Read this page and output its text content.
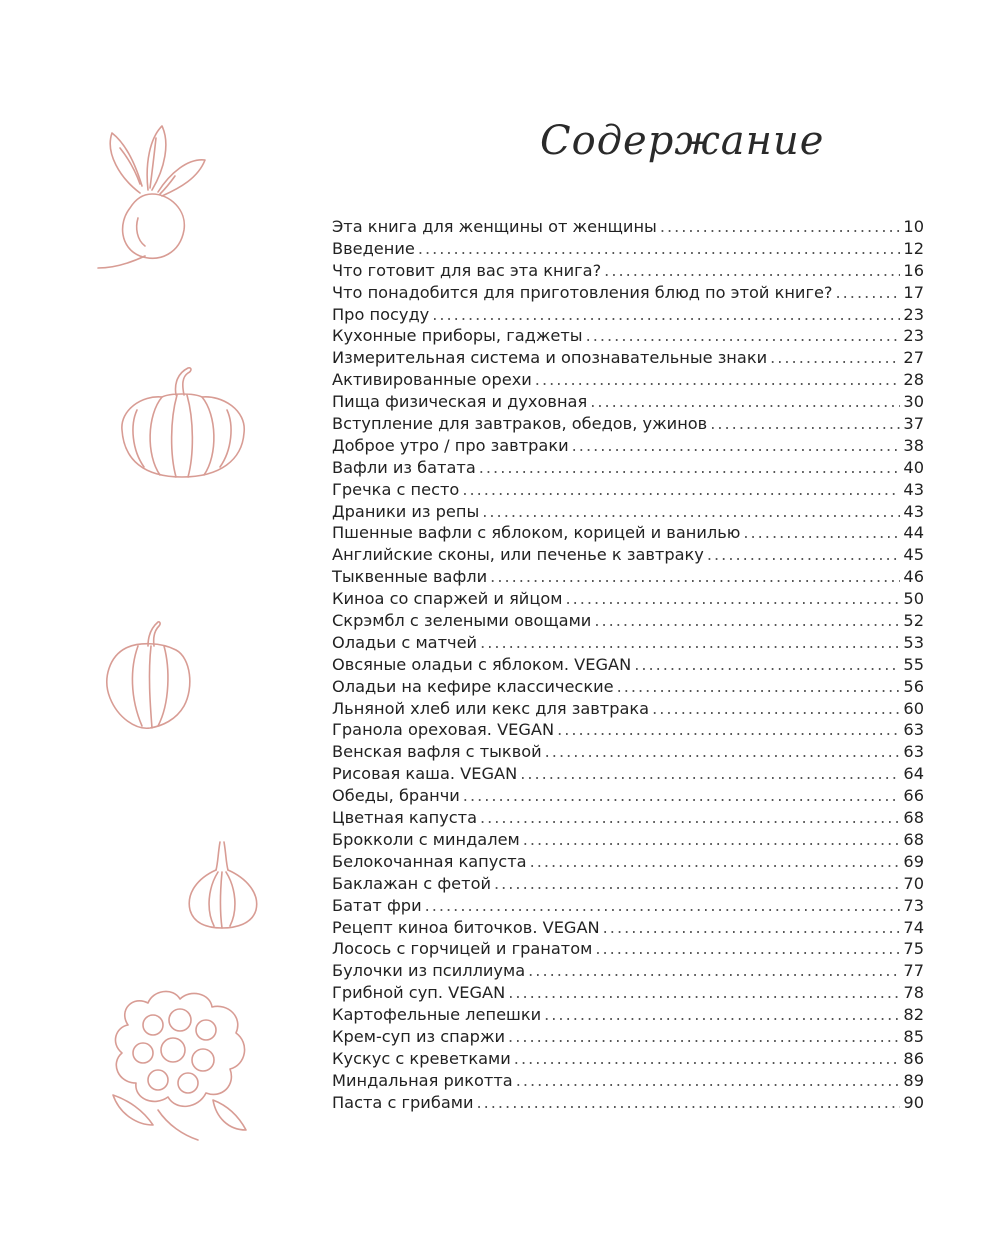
Содержание
Эта книга для женщины от женщины .....	10
Введение .....	12
Что готовит для вас эта книга? .....	16
Что понадобится для приготовления блюд по этой книге? .....	17
Про посуду .....	23
Кухонные приборы, гаджеты .....	23
Измерительная система и опознавательные знаки .....	27
Активированные орехи .....	28
Пища физическая и духовная .....	30
Вступление для завтраков, обедов, ужинов .....	37
Доброе утро / про завтраки .....	38
Вафли из батата .....	40
Гречка с песто .....	43
Драники из репы .....	43
Пшенные вафли с яблоком, корицей и ванилью .....	44
Английские сконы, или печенье к завтраку .....	45
Тыквенные вафли .....	46
Киноа со спаржей и яйцом .....	50
Скрэмбл с зелеными овощами .....	52
Оладьи с матчей .....	53
Овсяные оладьи с яблоком. VEGAN .....	55
Оладьи на кефире классические .....	56
Льняной хлеб или кекс для завтрака .....	60
Гранола ореховая. VEGAN .....	63
Венская вафля с тыквой .....	63
Рисовая каша. VEGAN .....	64
Обеды, бранчи .....	66
Цветная капуста .....	68
Брокколи с миндалем .....	68
Белокочанная капуста .....	69
Баклажан с фетой .....	70
Батат фри .....	73
Рецепт киноа биточков. VEGAN .....	74
Лосось с горчицей и гранатом .....	75
Булочки из псиллиума .....	77
Грибной суп. VEGAN .....	78
Картофельные лепешки .....	82
Крем-суп из спаржи .....	85
Кускус с креветками .....	86
Миндальная рикотта .....	89
Паста с грибами .....	90
